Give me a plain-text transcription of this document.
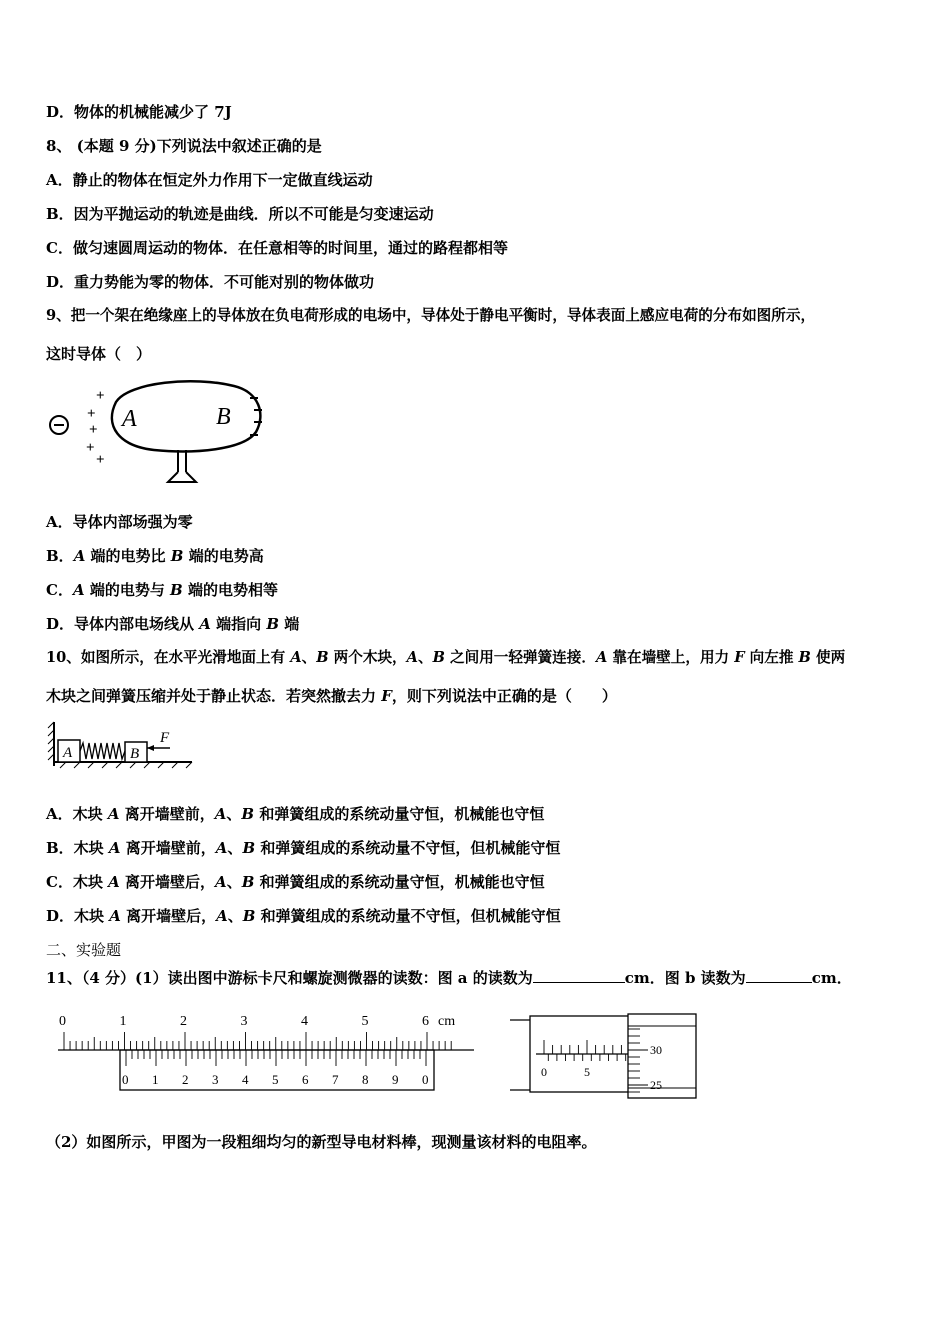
D．物体的机械能减少了 7J
8、 (本题 9 分)下列说法中叙述正确的是
A．静止的物体在恒定外力作用下一定做直线运动
B．因为平抛运动的轨迹是曲线．所以不可能是匀变速运动
C．做匀速圆周运动的物体．在任意相等的时间里，通过的路程都相等
D．重力势能为零的物体．不可能对别的物体做功
9、把一个架在绝缘座上的导体放在负电荷形成的电场中，导体处于静电平衡时，导体表面上感应电荷的分布如图所示，
这时导体（　）
A	B
+
+
+
+
+
A．导体内部场强为零
B．A 端的电势比 B 端的电势高
C．A 端的电势与 B 端的电势相等
D．导体内部电场线从 A 端指向 B 端
10、如图所示，在水平光滑地面上有 A、B 两个木块，A、B 之间用一轻弹簧连接．A 靠在墙壁上，用力 F 向左推 B 使两
木块之间弹簧压缩并处于静止状态．若突然撤去力 F，则下列说法中正确的是（　　）
A	B
F
A．木块 A 离开墙壁前，A、B 和弹簧组成的系统动量守恒，机械能也守恒
B．木块 A 离开墙壁前，A、B 和弹簧组成的系统动量不守恒，但机械能守恒
C．木块 A 离开墙壁后，A、B 和弹簧组成的系统动量守恒，机械能也守恒
D．木块 A 离开墙壁后，A、B 和弹簧组成的系统动量不守恒，但机械能守恒
二、实验题
11、（4 分）(1）读出图中游标卡尺和螺旋测微器的读数：图 a 的读数为	cm．图 b 读数为	cm．
0	1	2	3	4	5	6 cm
0 1 2 3 4 5 6 7 8 9 0	0	5
30
25
（2）如图所示，甲图为一段粗细均匀的新型导电材料棒，现测量该材料的电阻率。
